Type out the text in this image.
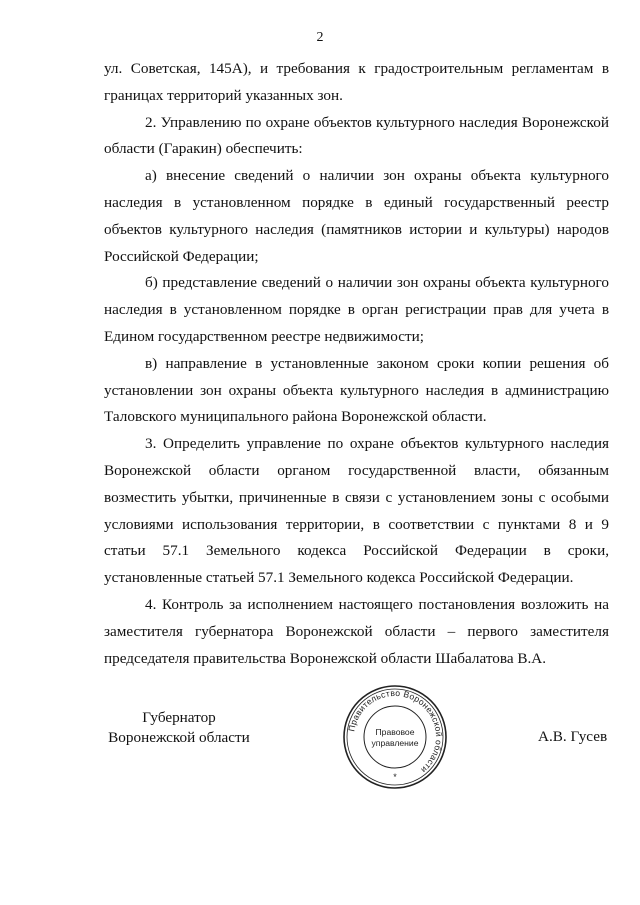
2

ул. Советская, 145А), и требования к градостроительным регламентам в границах территорий указанных зон.

2. Управлению по охране объектов культурного наследия Воронежской области (Гаракин) обеспечить:

а) внесение сведений о наличии зон охраны объекта культурного наследия в установленном порядке в единый государственный реестр объектов культурного наследия (памятников истории и культуры) народов Российской Федерации;

б) представление сведений о наличии зон охраны объекта культурного наследия в установленном порядке в орган регистрации прав для учета в Едином государственном реестре недвижимости;

в) направление в установленные законом сроки копии решения об установлении зон охраны объекта культурного наследия в администрацию Таловского муниципального района Воронежской области.

3. Определить управление по охране объектов культурного наследия Воронежской области органом государственной власти, обязанным возместить убытки, причиненные в связи с установлением зоны с особыми условиями использования территории, в соответствии с пунктами 8 и 9 статьи 57.1 Земельного кодекса Российской Федерации в сроки, установленные статьей 57.1 Земельного кодекса Российской Федерации.

4. Контроль за исполнением настоящего постановления возложить на заместителя губернатора Воронежской области – первого заместителя председателя правительства Воронежской области Шабалатова В.А.

Губернатор
Воронежской области
Правительство Воронежской области
Правовое
управление
*
А.В. Гусев
